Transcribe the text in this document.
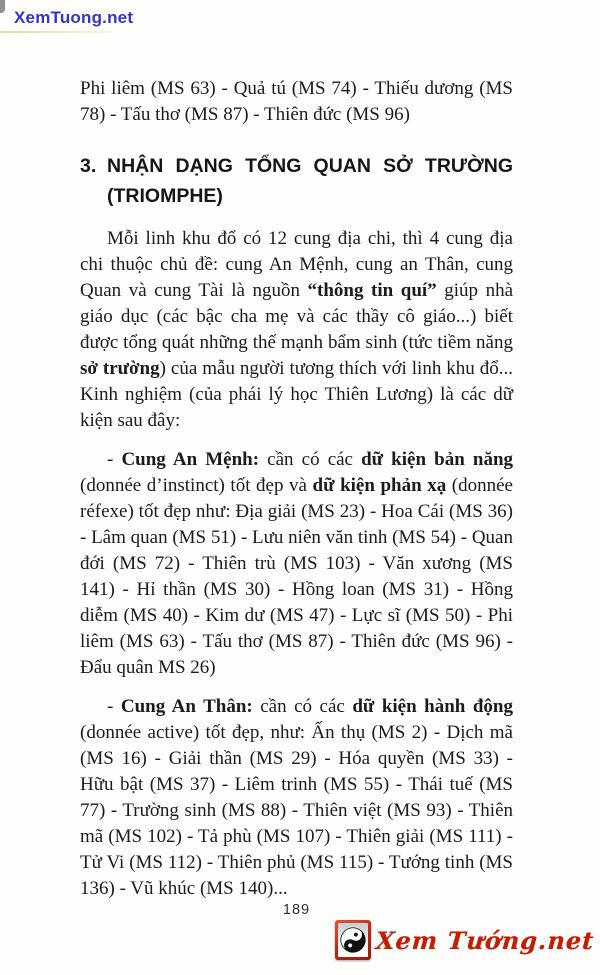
XemTuong.net

Phi liêm (MS 63) - Quả tú (MS 74) - Thiếu dương (MS 78) - Tấu thơ (MS 87) - Thiên đức (MS 96)

3. NHẬN DẠNG TỔNG QUAN SỞ TRƯỜNG (TRIOMPHE)

Mỗi linh khu đổ có 12 cung địa chi, thì 4 cung địa chi thuộc chủ đề: cung An Mệnh, cung an Thân, cung Quan và cung Tài là nguồn “thông tin quí” giúp nhà giáo dục (các bậc cha mẹ và các thầy cô giáo...) biết được tổng quát những thế mạnh bẩm sinh (tức tiềm năng sở trường) của mẫu người tương thích với linh khu đổ... Kinh nghiệm (của phái lý học Thiên Lương) là các dữ kiện sau đây:

- Cung An Mệnh: cần có các dữ kiện bản năng (donnée d’instinct) tốt đẹp và dữ kiện phản xạ (donnée réfexe) tốt đẹp như: Địa giải (MS 23) - Hoa Cái (MS 36) - Lâm quan (MS 51) - Lưu niên văn tinh (MS 54) - Quan đới (MS 72) - Thiên trù (MS 103) - Văn xương (MS 141) - Hỉ thần (MS 30) - Hồng loan (MS 31) - Hồng diễm (MS 40) - Kim dư (MS 47) - Lực sĩ (MS 50) - Phi liêm (MS 63) - Tấu thơ (MS 87) - Thiên đức (MS 96) - Đẩu quân MS 26)

- Cung An Thân: cần có các dữ kiện hành động (donnée active) tốt đẹp, như: Ấn thụ (MS 2) - Dịch mã (MS 16) - Giải thần (MS 29) - Hóa quyền (MS 33) - Hữu bật (MS 37) - Liêm trinh (MS 55) - Thái tuế (MS 77) - Trường sinh (MS 88) - Thiên việt (MS 93) - Thiên mã (MS 102) - Tả phù (MS 107) - Thiên giải (MS 111) - Tử Vi (MS 112) - Thiên phủ (MS 115) - Tướng tinh (MS 136) - Vũ khúc (MS 140)...

189
Xem Tướng.net
